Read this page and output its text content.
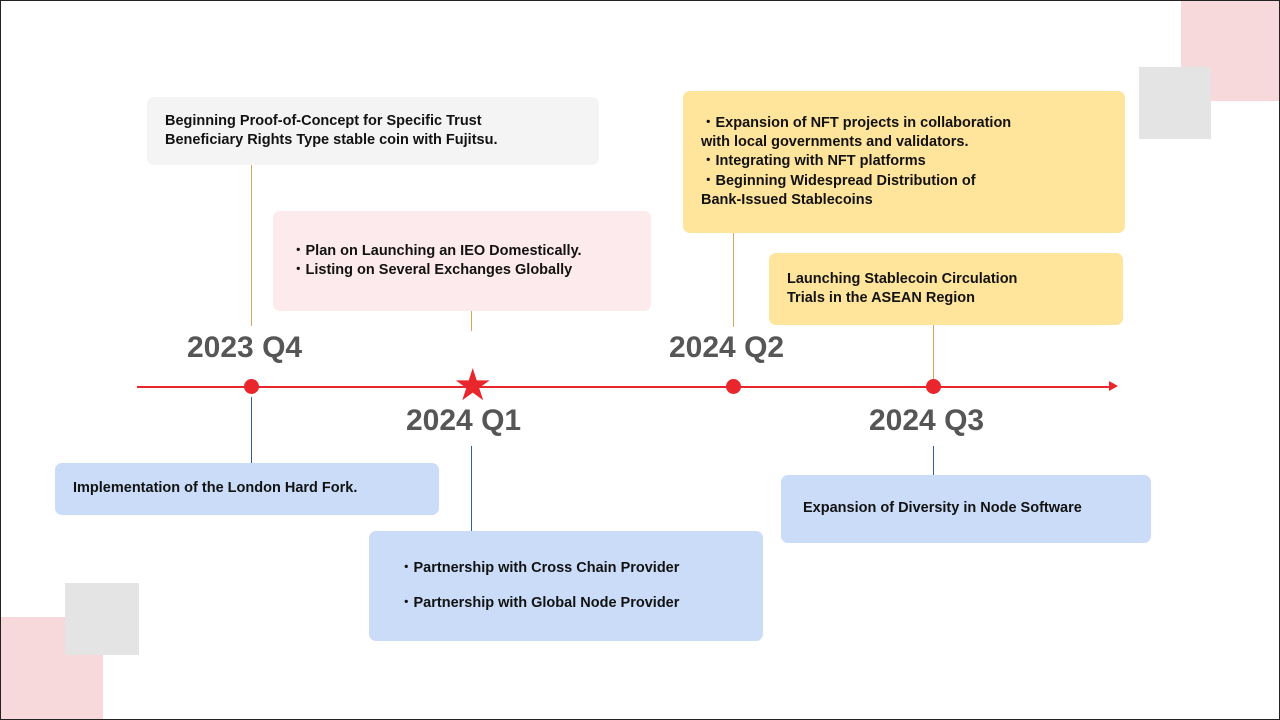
★
2023 Q4
2024 Q1
2024 Q2
2024 Q3
Beginning Proof-of-Concept for Specific Trust
Beneficiary Rights Type stable coin with Fujitsu.
・Plan on Launching an IEO Domestically.
・Listing on Several Exchanges Globally
・Expansion of NFT projects in collaboration
with local governments and validators.
・Integrating with NFT platforms
・Beginning Widespread Distribution of
Bank-Issued Stablecoins
Launching Stablecoin Circulation
Trials in the ASEAN Region
Implementation of the London Hard Fork.
・Partnership with Cross Chain Provider
・Partnership with Global Node Provider
Expansion of Diversity in Node Software
